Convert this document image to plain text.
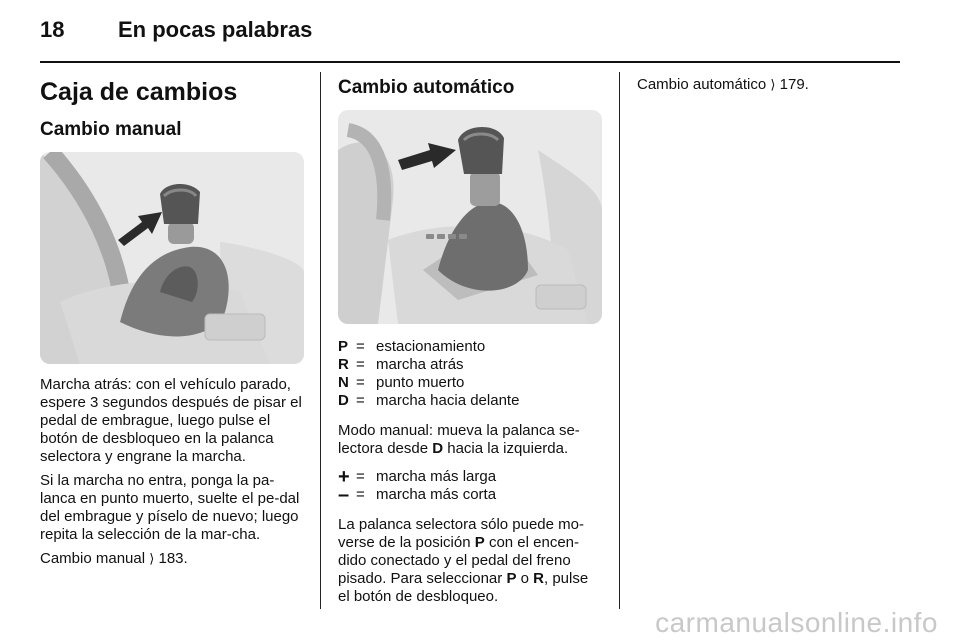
18 En pocas palabras
Caja de cambios
Cambio manual

Marcha atrás: con el vehículo parado, espere 3 segundos después de pisar el pedal de embrague, luego pulse el botón de desbloqueo en la palanca selectora y engrane la marcha.

Si la marcha no entra, ponga la pa-lanca en punto muerto, suelte el pe-dal del embrague y píselo de nuevo; luego repita la selección de la mar-cha.

Cambio manual ⟩ 183.

Cambio automático
P = estacionamiento
R = marcha atrás
N = punto muerto
D = marcha hacia delante

Modo manual: mueva la palanca se-lectora desde D hacia la izquierda.

+ = marcha más larga
– = marcha más corta

La palanca selectora sólo puede mo-verse de la posición P con el encen-dido conectado y el pedal del freno pisado. Para seleccionar P o R, pulse el botón de desbloqueo.

Cambio automático ⟩ 179.

carmanualsonline.info
